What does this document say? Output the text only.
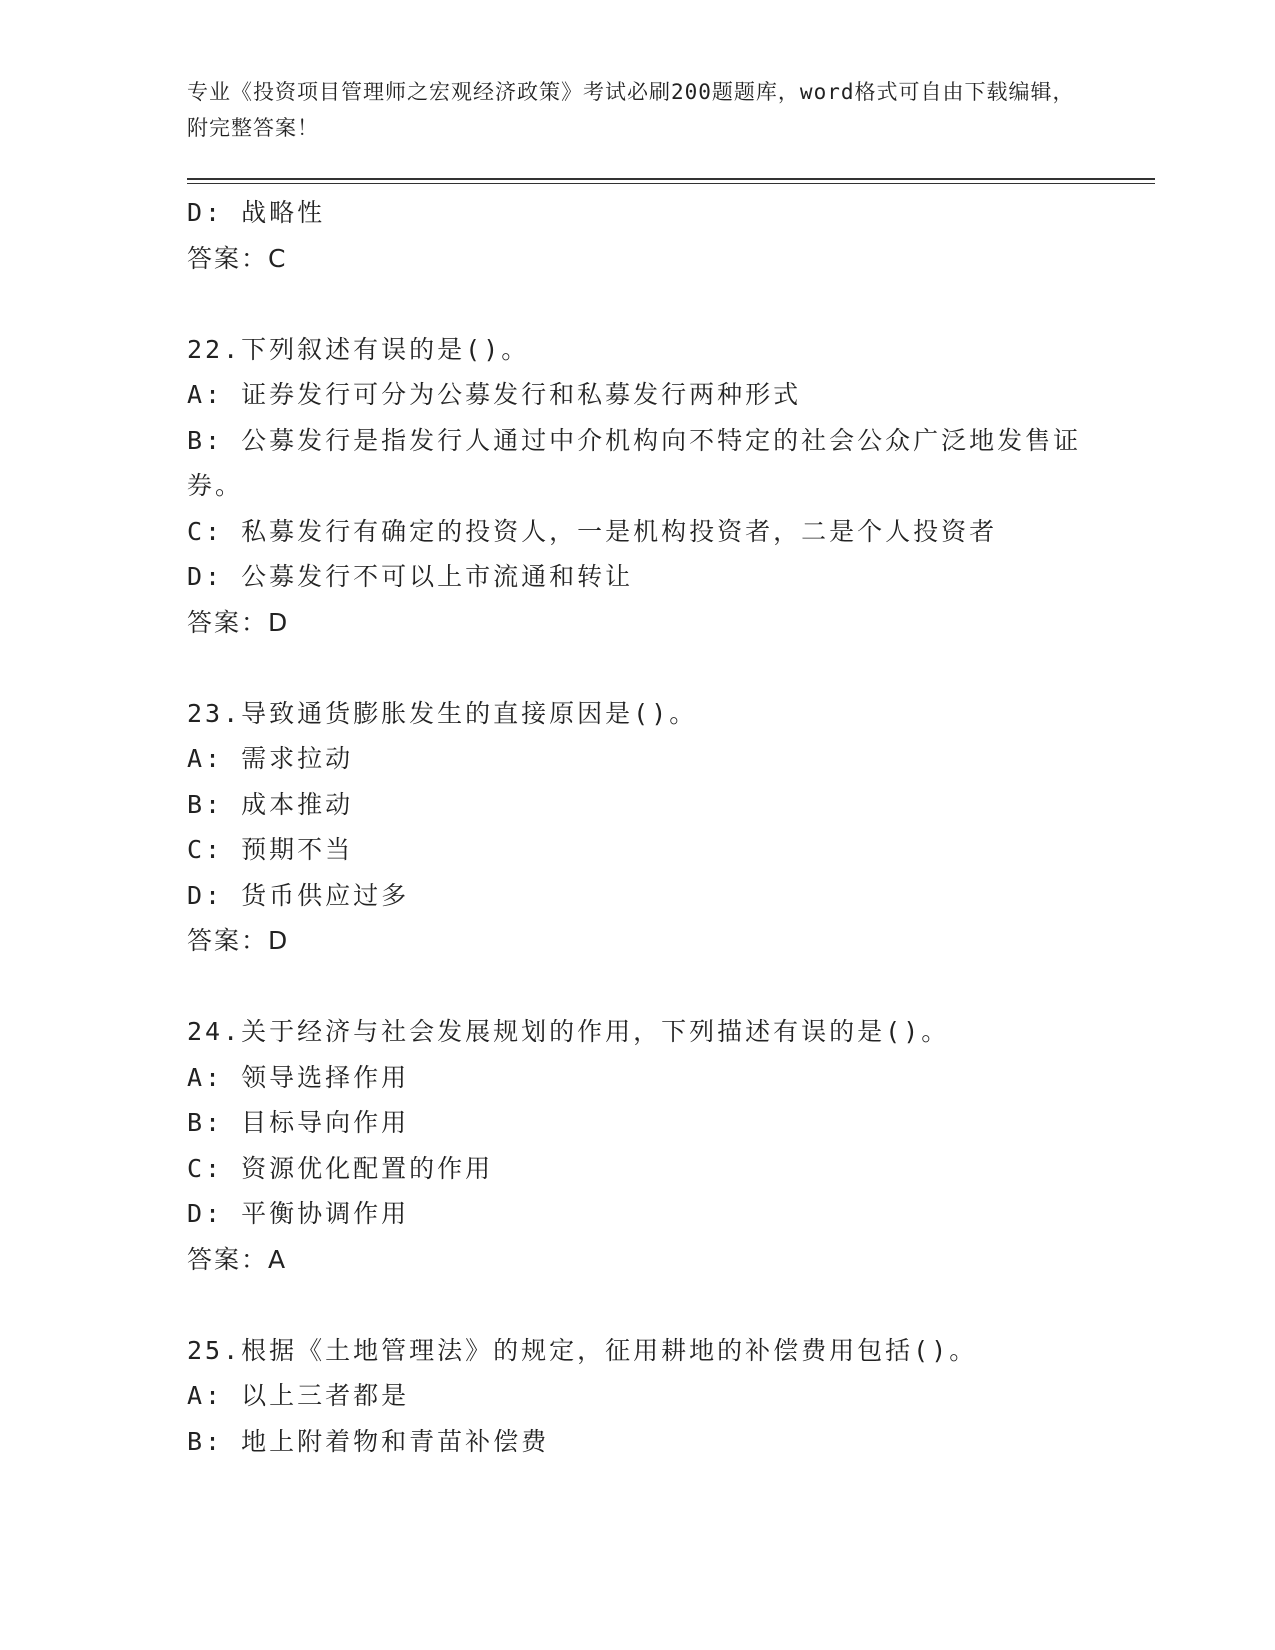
专业《投资项目管理师之宏观经济政策》考试必刷200题题库，word格式可自由下载编辑，附完整答案！
D: 战略性
答案：C
22.下列叙述有误的是()。
A: 证券发行可分为公募发行和私募发行两种形式
B: 公募发行是指发行人通过中介机构向不特定的社会公众广泛地发售证券。
C: 私募发行有确定的投资人，一是机构投资者，二是个人投资者
D: 公募发行不可以上市流通和转让
答案：D
23.导致通货膨胀发生的直接原因是()。
A: 需求拉动
B: 成本推动
C: 预期不当
D: 货币供应过多
答案：D
24.关于经济与社会发展规划的作用，下列描述有误的是()。
A: 领导选择作用
B: 目标导向作用
C: 资源优化配置的作用
D: 平衡协调作用
答案：A
25.根据《土地管理法》的规定，征用耕地的补偿费用包括()。
A: 以上三者都是
B: 地上附着物和青苗补偿费
